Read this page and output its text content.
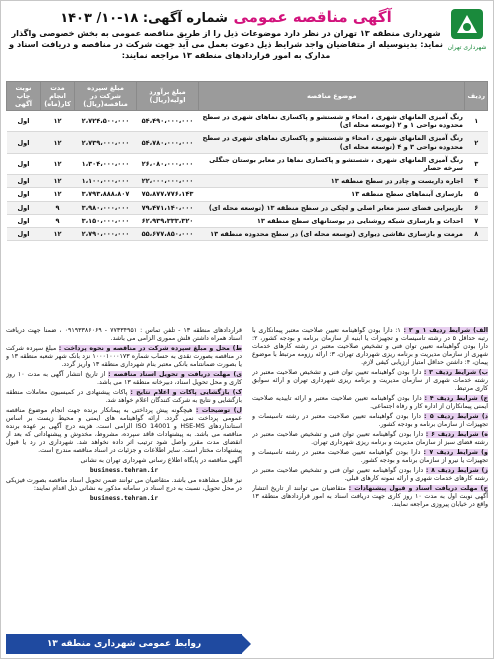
شهرداری تهران
آگهی مناقصه عمومی شماره آگهی: ۱۸-۱۰/ ۱۴۰۳
شهرداری منطقه ۱۳ تهران در نظر دارد موضوعات ذیل را از طریق مناقصه عمومی به بخش خصوصی واگذار نماید: بدینوسیله از متقاضیان واجد شرایط ذیل دعوت بعمل می آید جهت شرکت در مناقصه و دریافت اسناد و مدارک به امور قراردادهای منطقه ۱۳ مراجعه نمایند:
ردیف	موضوع مناقصه	مبلغ برآورد اولیه(ریال)	مبلغ سپرده شرکت در مناقصه(ریال)	مدت انجام کار(ماه)	نوبت چاپ آگهی
۱	رنگ آمیزی المانهای شهری ، امحاء و شستشو و پاکسازی نماهای شهری در سطح محدوده نواحی ۱ و ۲ (توسعه محله ای)	۵۴،۴۹۰،۰۰۰،۰۰۰	۲،۷۲۴،۵۰۰،۰۰۰	۱۲	اول
۲	رنگ آمیزی المانهای شهری ، امحاء و شستشو و پاکسازی نماهای شهری در سطح محدوده نواحی ۳ و ۴ (توسعه محله ای)	۵۴،۷۸۰،۰۰۰،۰۰۰	۲،۷۳۹،۰۰۰،۰۰۰	۱۲	اول
۳	رنگ آمیزی المانهای شهری ، شستشو و پاکسازی نماها در معابر بوستان جنگلی سرخه حصار	۲۶،۰۸۰،۰۰۰،۰۰۰	۱،۳۰۴،۰۰۰،۰۰۰	۱۲	اول
۴	اجاره داربست و چادر در سطح منطقه ۱۳	۲۲،۰۰۰،۰۰۰،۰۰۰	۱،۱۰۰،۰۰۰،۰۰۰	۱۲	اول
۵	بازسازی آبنماهای سطح منطقه ۱۳	۷۵،۸۷۷،۷۷۶،۱۴۳	۳،۷۹۳،۸۸۸،۸۰۷	۱۲	اول
۶	بازپیرایی فضای سبز معابر اصلی و لچکی در سطح منطقه ۱۳ (توسعه محله ای)	۷۹،۴۷۱،۱۴۰،۰۰۰	۳،۹۸۰،۰۰۰،۰۰۰	۹	اول
۷	احداث و بازسازی شبکه روشنایی در بوستانهای سطح منطقه ۱۳	۶۲،۹۳۹،۳۳۳،۳۲۰	۳،۱۵۰،۰۰۰،۰۰۰	۹	اول
۸	مرمت و بازسازی نقاشی دیواری (توسعه محله ای) در سطح محدوده منطقه ۱۳	۵۵،۶۷۷،۸۵۰،۰۰۰	۲،۷۹۰،۰۰۰،۰۰۰	۱۲	اول

الف) شرایط ردیف ۱ و ۲ : ۱: دارا بودن گواهینامه تعیین صلاحیت معتبر پیمانکاری با رتبه حداقل ۵ در رشته تاسیسات و تجهیزات یا ابنیه از سازمان برنامه و بودجه کشور، ۲: دارا بودن گواهینامه تعیین توان فنی و تشخیص صلاحیت معتبر در رشته کارهای خدمات شهری از سازمان مدیریت و برنامه ریزی شهرداری تهران، ۳: ارائه رزومه مرتبط با موضوع پیمان، ۴: داشتن حداقل امتیاز ارزیابی کیفی لازم.

ب) شرایط ردیف ۳ : دارا بودن گواهینامه تعیین توان فنی و تشخیص صلاحیت معتبر در رشته خدمات شهری از سازمان مدیریت و برنامه ریزی شهرداری تهران و ارائه سوابق کاری مرتبط.

ج) شرایط ردیف ۴ : دارا بودن گواهینامه تعیین صلاحیت معتبر و ارائه تاییدیه صلاحیت ایمنی پیمانکاران از اداره کار و رفاه اجتماعی.

د) شرایط ردیف ۵ : دارا بودن گواهینامه تعیین صلاحیت معتبر در رشته تاسیسات و تجهیزات از سازمان برنامه و بودجه کشور.

ه) شرایط ردیف ۶ : دارا بودن گواهینامه تعیین توان فنی و تشخیص صلاحیت معتبر در رشته فضای سبز از سازمان مدیریت و برنامه ریزی شهرداری تهران.

و) شرایط ردیف ۷ : دارا بودن گواهینامه تعیین صلاحیت معتبر در رشته تاسیسات و تجهیزات یا نیرو از سازمان برنامه و بودجه کشور.

ز) شرایط ردیف ۸ : دارا بودن گواهینامه تعیین توان فنی و تشخیص صلاحیت معتبر در رشته کارهای خدمات شهری و ارائه نمونه کارهای قبلی.

ح) مهلت دریافت اسناد و قبول پیشنهادات : متقاضیان می توانند از تاریخ انتشار آگهی نوبت اول به مدت ۱۰ روز کاری جهت دریافت اسناد به امور قراردادهای منطقه ۱۳ واقع در خیابان پیروزی مراجعه نمایند.

قراردادهای منطقه ۱۳ - تلفن تماس : ۷۷۳۳۴۹۵۱ - ۰۹۱۹۳۳۸۶۰۶۹ ، ضمنا جهت دریافت اسناد همراه داشتن فلش مموری الزامی می باشد.

ط) محل و مبلغ سپرده شرکت در مناقصه و نحوه پرداخت : مبلغ سپرده شرکت در مناقصه بصورت نقدی به حساب شماره ۱۰۰۰۱۰۰۰۱۷۳ نزد بانک شهر شعبه منطقه ۱۳ و یا بصورت ضمانتنامه بانکی معتبر بنام شهرداری منطقه ۱۳ واریز گردد.

ی) مهلت دریافت و تحویل اسناد مناقصه : از تاریخ انتشار آگهی به مدت ۱۰ روز کاری و محل تحویل اسناد، دبیرخانه منطقه ۱۳ می باشد.

ک) بازگشایی پاکات و اعلام نتایج : پاکات پیشنهادی در کمیسیون معاملات منطقه بازگشایی و نتایج به شرکت کنندگان اعلام خواهد شد.

ل) توضیحات : هیچگونه پیش پرداختی به پیمانکار برنده جهت انجام موضوع مناقصه عمومی پرداخت نمی گردد. ارائه گواهینامه های ایمنی و محیط زیست بر اساس استانداردهای HSE-MS و ISO 14001 الزامی است. هزینه درج آگهی بر عهده برنده مناقصه می باشد. به پیشنهادات فاقد سپرده، مشروط، مخدوش و پیشنهاداتی که بعد از انقضای مدت مقرر واصل شود ترتیب اثر داده نخواهد شد. شهرداری در رد یا قبول پیشنهادات مختار است. سایر اطلاعات و جزئیات در اسناد مناقصه مندرج است.

آگهی مناقصه در پایگاه اطلاع رسانی شهرداری تهران به نشانی

business.tehran.ir

نیز قابل مشاهده می باشد. متقاضیان می توانند ضمن تحویل اسناد مناقصه بصورت فیزیکی در محل تحویل، نسبت به درج اسناد در سامانه مذکور به نشانی ذیل اقدام نمایند:

business.tehran.ir

روابط عمومی شهرداری منطقه ۱۳
